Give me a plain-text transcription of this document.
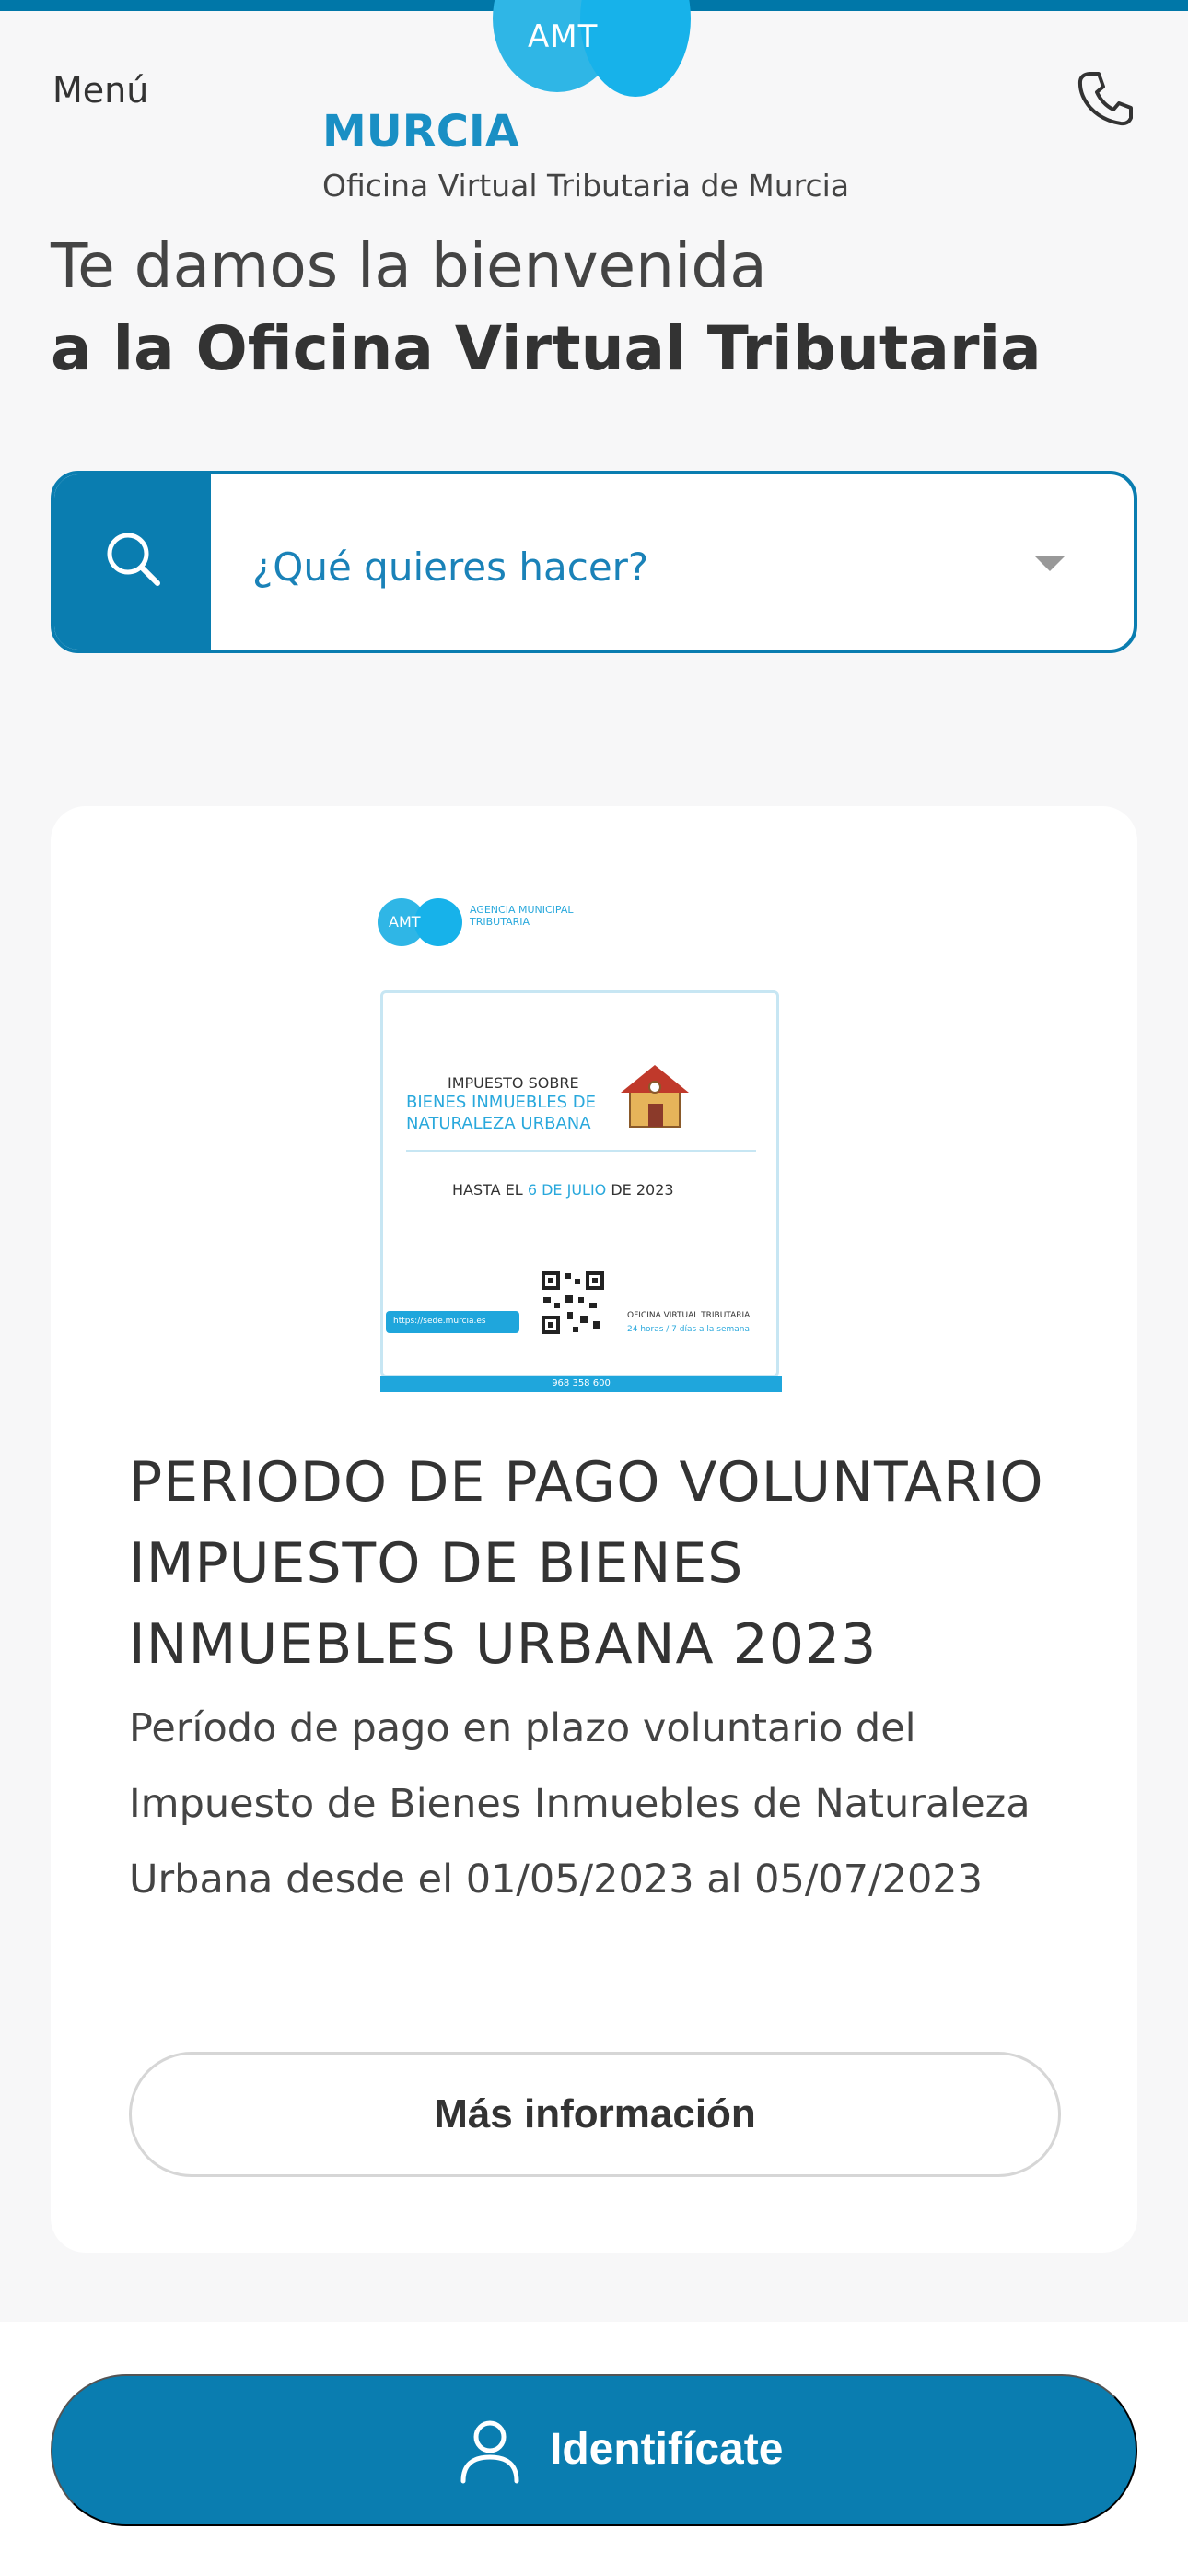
Menú
AMT
MURCIA
Oficina Virtual Tributaria de Murcia
Te damos la bienvenida
a la Oficina Virtual Tributaria
¿Qué quieres hacer?
AMT
AGENCIA MUNICIPAL TRIBUTARIA
IMPUESTO SOBRE
BIENES INMUEBLES DE
NATURALEZA URBANA
HASTA EL 6 DE JULIO DE 2023
https://sede.murcia.es
OFICINA VIRTUAL TRIBUTARIA
24 horas / 7 días a la semana
968 358 600
PERIODO DE PAGO VOLUNTARIO IMPUESTO DE BIENES INMUEBLES URBANA 2023

Período de pago en plazo voluntario del Impuesto de Bienes Inmuebles de Naturaleza Urbana desde el 01/05/2023 al 05/07/2023

Más información
Identifícate
